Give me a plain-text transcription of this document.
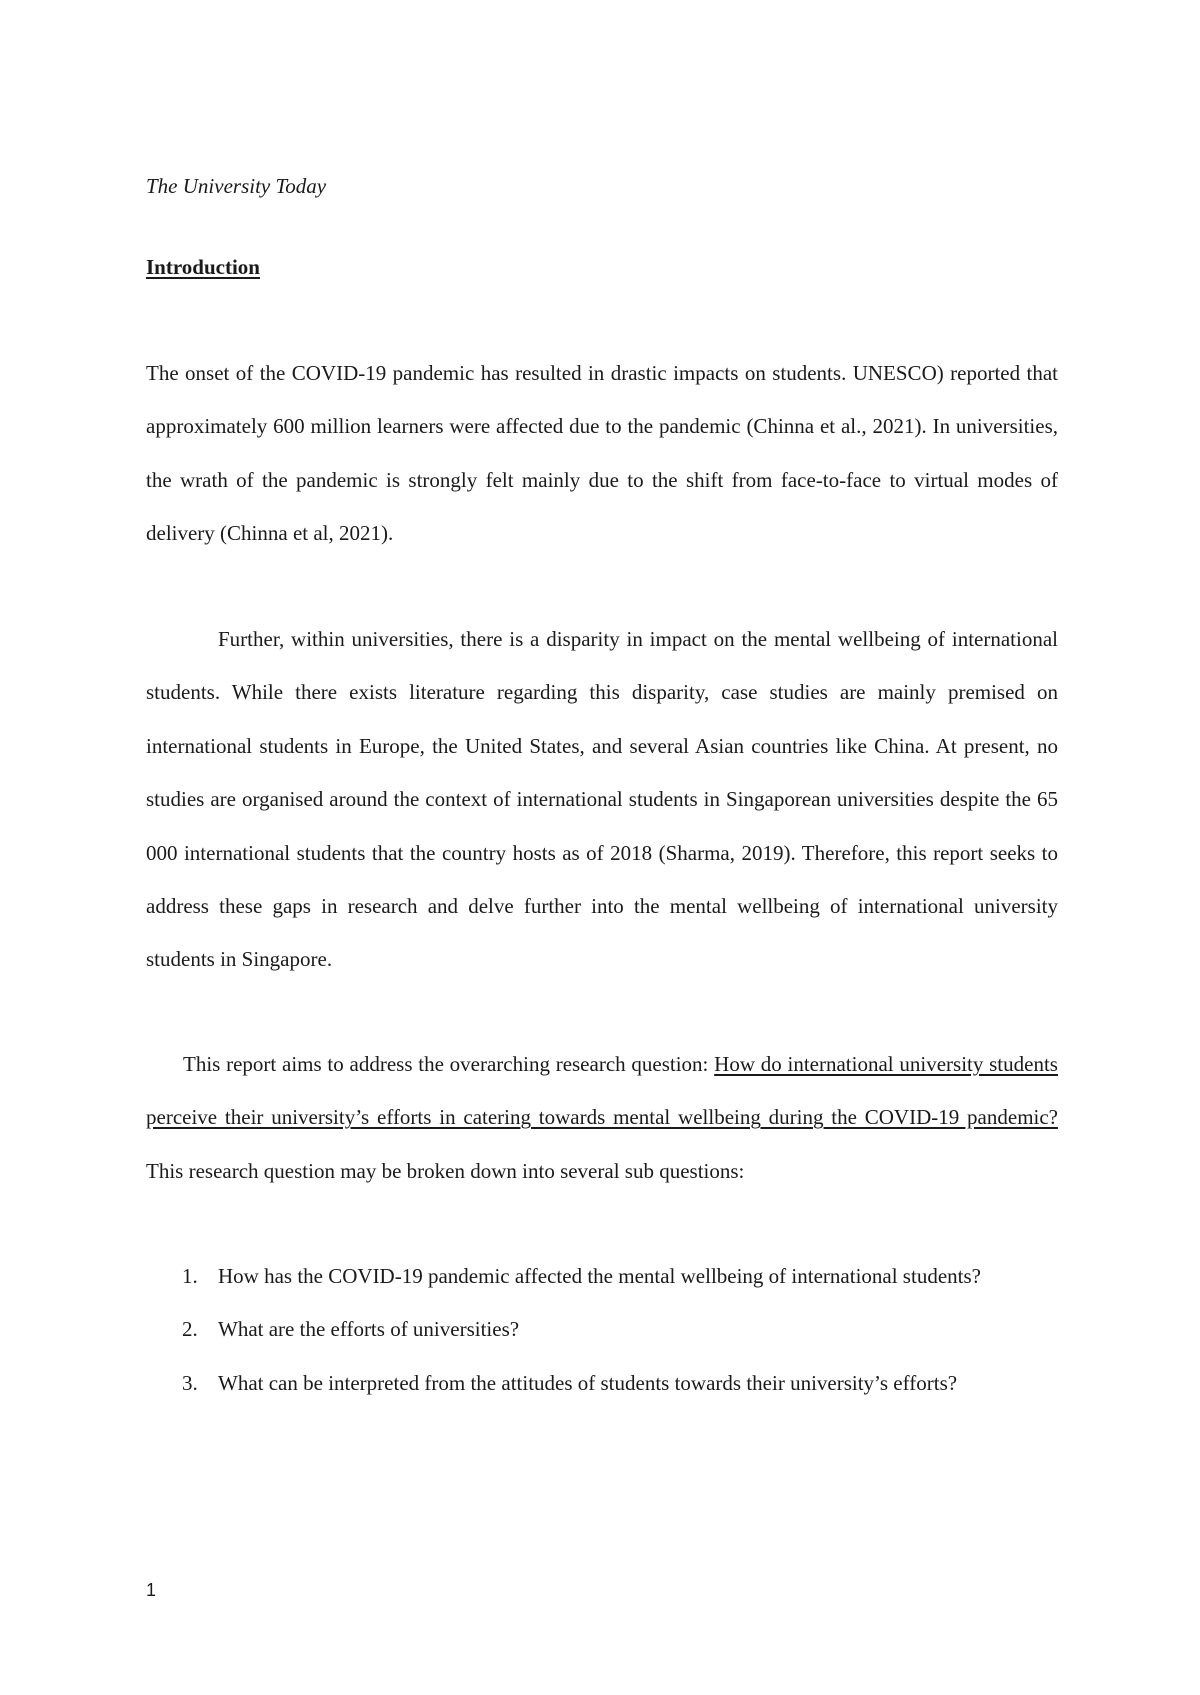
The University Today
Introduction

The onset of the COVID-19 pandemic has resulted in drastic impacts on students. UNESCO) reported that approximately 600 million learners were affected due to the pandemic (Chinna et al., 2021). In universities, the wrath of the pandemic is strongly felt mainly due to the shift from face-to-face to virtual modes of delivery (Chinna et al, 2021).

Further, within universities, there is a disparity in impact on the mental wellbeing of international students. While there exists literature regarding this disparity, case studies are mainly premised on international students in Europe, the United States, and several Asian countries like China. At present, no studies are organised around the context of international students in Singaporean universities despite the 65 000 international students that the country hosts as of 2018 (Sharma, 2019). Therefore, this report seeks to address these gaps in research and delve further into the mental wellbeing of international university students in Singapore.

This report aims to address the overarching research question: How do international university students perceive their university’s efforts in catering towards mental wellbeing during the COVID-19 pandemic? This research question may be broken down into several sub questions:

1. How has the COVID-19 pandemic affected the mental wellbeing of international students?
2. What are the efforts of universities?
3. What can be interpreted from the attitudes of students towards their university’s efforts?
1
